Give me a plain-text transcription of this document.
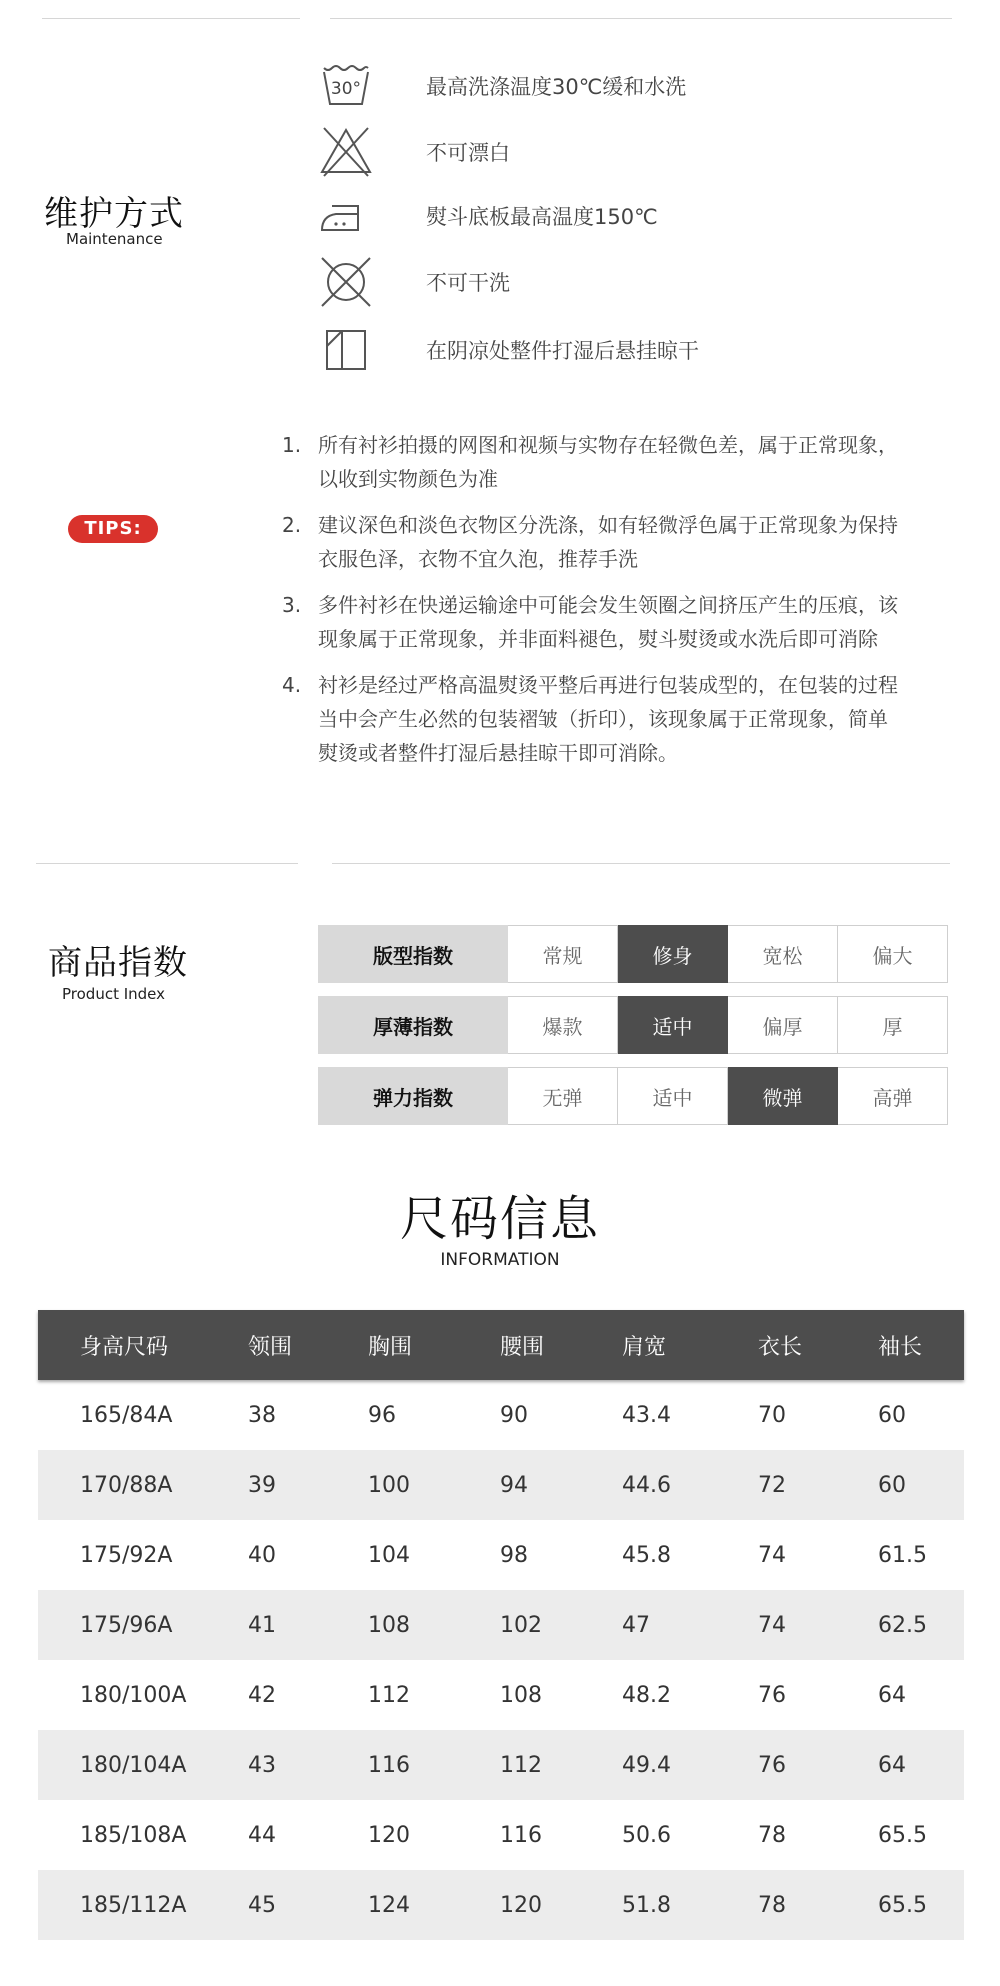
维护方式
Maintenance
30°	最高洗涤温度30℃缓和水洗
不可漂白
熨斗底板最高温度150℃
不可干洗
在阴凉处整件打湿后悬挂晾干
TIPS:
1. 所有衬衫拍摄的网图和视频与实物存在轻微色差，属于正常现象，以收到实物颜色为准
2. 建议深色和淡色衣物区分洗涤，如有轻微浮色属于正常现象为保持衣服色泽，衣物不宜久泡，推荐手洗
3. 多件衬衫在快递运输途中可能会发生领圈之间挤压产生的压痕，该现象属于正常现象，并非面料褪色，熨斗熨烫或水洗后即可消除
4. 衬衫是经过严格高温熨烫平整后再进行包装成型的，在包装的过程当中会产生必然的包装褶皱（折印），该现象属于正常现象，简单熨烫或者整件打湿后悬挂晾干即可消除。
商品指数
Product Index
版型指数	常规	修身	宽松	偏大
厚薄指数	爆款	适中	偏厚	厚
弹力指数	无弹	适中	微弹	高弹
尺码信息
INFORMATION
身高尺码	领围	胸围	腰围	肩宽	衣长	袖长
165/84A	38	96	90	43.4	70	60
170/88A	39	100	94	44.6	72	60
175/92A	40	104	98	45.8	74	61.5
175/96A	41	108	102	47	74	62.5
180/100A	42	112	108	48.2	76	64
180/104A	43	116	112	49.4	76	64
185/108A	44	120	116	50.6	78	65.5
185/112A	45	124	120	51.8	78	65.5
